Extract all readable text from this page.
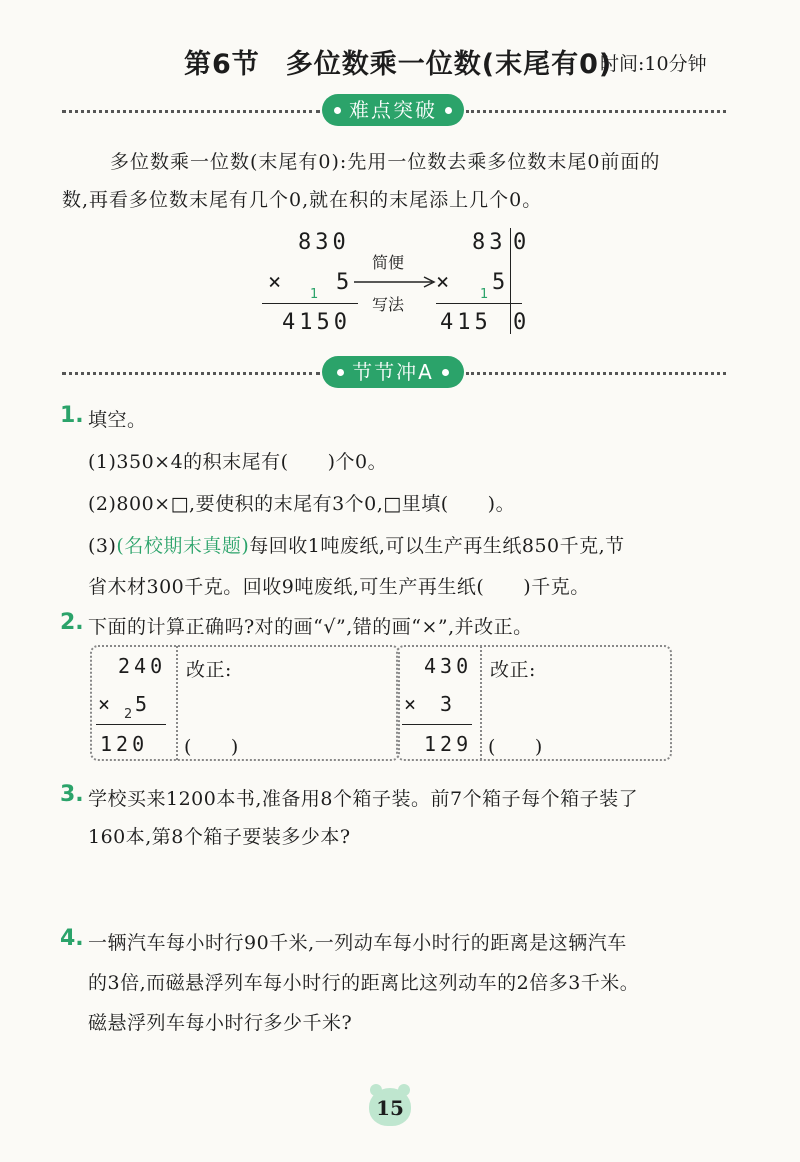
第6节 多位数乘一位数(末尾有0)
时间:10分钟
难点突破
多位数乘一位数(末尾有0):先用一位数去乘多位数末尾0前面的
数,再看多位数末尾有几个0,就在积的末尾添上几个0。
830
× 1 5
4150
简便
写法
83 0
× 1 5
415 0
节节冲A
1. 填空。
(1)350×4的积末尾有(　　)个0。
(2)800×□,要使积的末尾有3个0,□里填(　　)。
(3)(名校期末真题)每回收1吨废纸,可以生产再生纸850千克,节
省木材300千克。回收9吨废纸,可生产再生纸(　　)千克。
2. 下面的计算正确吗?对的画“√”,错的画“×”,并改正。
240
× 2 5
120
改正:
(　　)
430
× 3
129
改正:
(　　)
3. 学校买来1200本书,准备用8个箱子装。前7个箱子每个箱子装了
160本,第8个箱子要装多少本?
4. 一辆汽车每小时行90千米,一列动车每小时行的距离是这辆汽车
的3倍,而磁悬浮列车每小时行的距离比这列动车的2倍多3千米。
磁悬浮列车每小时行多少千米?
15
